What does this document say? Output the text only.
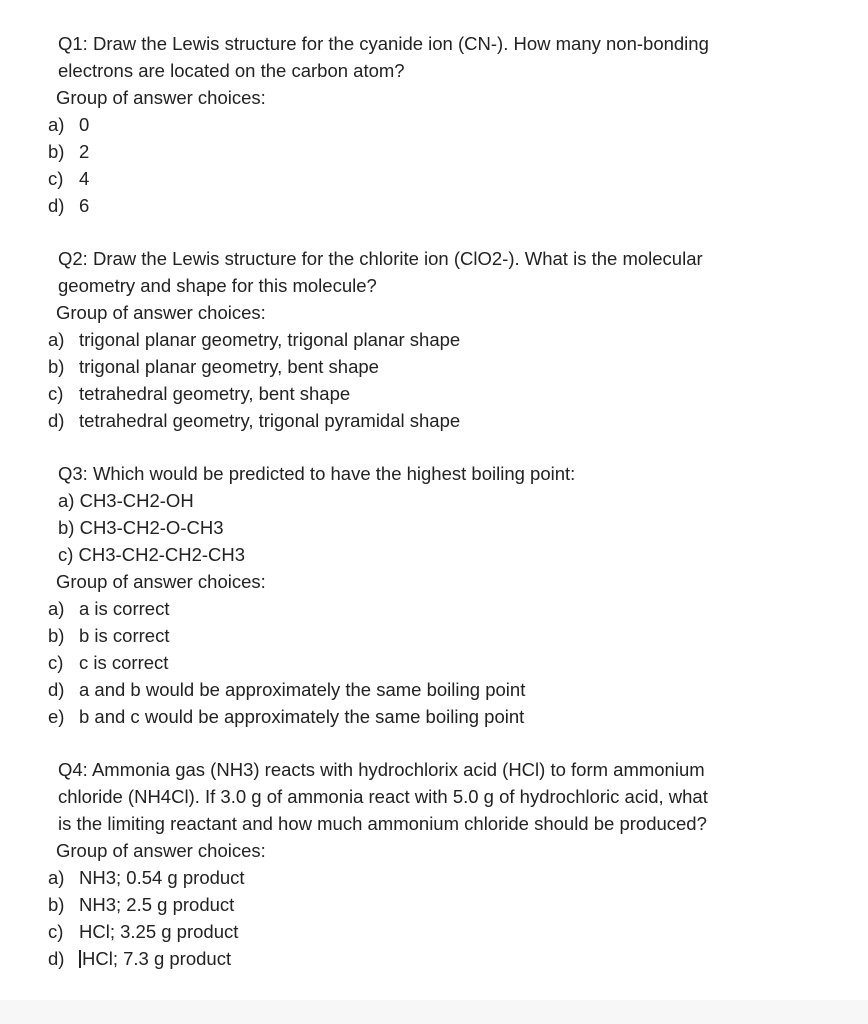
Q1: Draw the Lewis structure for the cyanide ion (CN-). How many non-bonding
electrons are located on the carbon atom?
Group of answer choices:
a) 0
b) 2
c) 4
d) 6
Q2: Draw the Lewis structure for the chlorite ion (ClO2-). What is the molecular
geometry and shape for this molecule?
Group of answer choices:
a) trigonal planar geometry, trigonal planar shape
b) trigonal planar geometry, bent shape
c) tetrahedral geometry, bent shape
d) tetrahedral geometry, trigonal pyramidal shape
Q3: Which would be predicted to have the highest boiling point:
a) CH3-CH2-OH
b) CH3-CH2-O-CH3
c) CH3-CH2-CH2-CH3
Group of answer choices:
a) a is correct
b) b is correct
c) c is correct
d) a and b would be approximately the same boiling point
e) b and c would be approximately the same boiling point
Q4: Ammonia gas (NH3) reacts with hydrochlorix acid (HCl) to form ammonium
chloride (NH4Cl). If 3.0 g of ammonia react with 5.0 g of hydrochloric acid, what
is the limiting reactant and how much ammonium chloride should be produced?
Group of answer choices:
a) NH3; 0.54 g product
b) NH3; 2.5 g product
c) HCl; 3.25 g product
d) HCl; 7.3 g product
